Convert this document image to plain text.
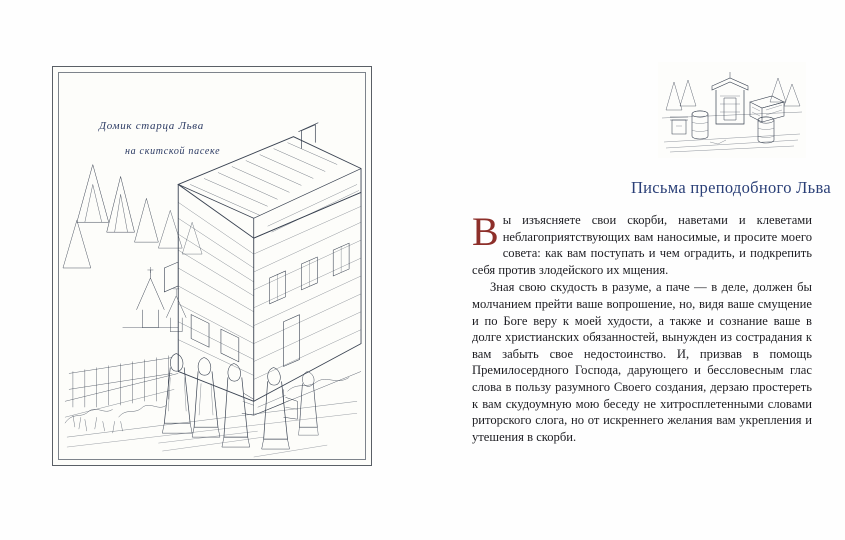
Домик старца Льва
на скитской пасеке
Письма преподобного Льва
В ы изъясняете свои скорби, наветами и клеветами неблагоприятствующих вам наносимые, и просите моего совета: как вам поступать и чем оградить, и подкрепить себя против злодейского их мщения.

Зная свою скудость в разуме, а паче — в деле, должен бы молчанием прейти ваше вопрошение, но, видя ваше смущение и по Боге веру к моей худости, а также и сознание ваше в долге христианских обязанностей, вынужден из сострадания к вам забыть свое недостоинство. И, призвав в помощь Премилосердного Господа, дарующего и бессловесным глас слова в пользу разумного Своего создания, дерзаю простереть к вам скудоумную мою беседу не хитросплетенными словами риторского слога, но от искреннего желания вам укрепления и утешения в скорби.
